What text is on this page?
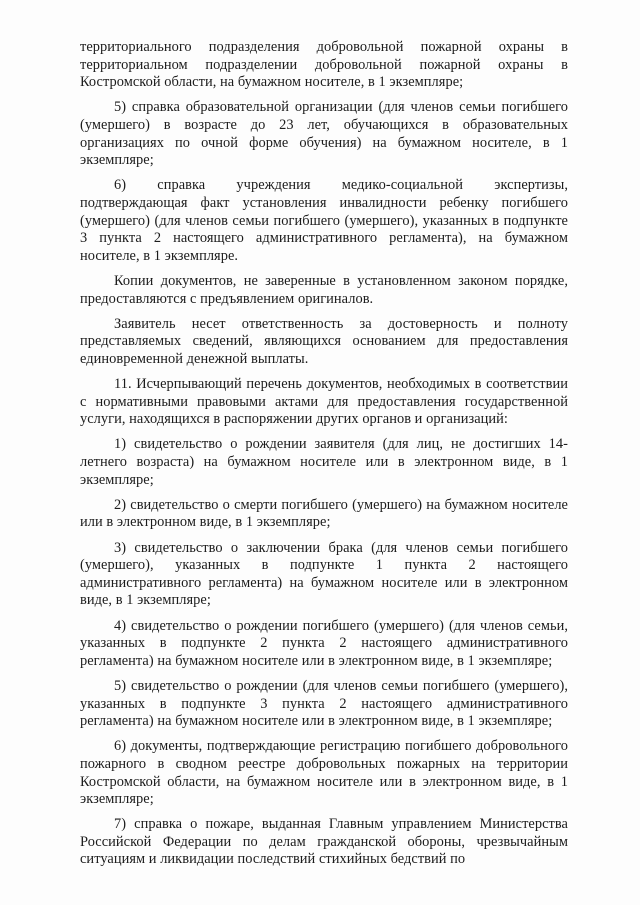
территориального подразделения добровольной пожарной охраны в территориальном подразделении добровольной пожарной охраны в Костромской области, на бумажном носителе, в 1 экземпляре;

5) справка образовательной организации (для членов семьи погибшего (умершего) в возрасте до 23 лет, обучающихся в образовательных организациях по очной форме обучения) на бумажном носителе, в 1 экземпляре;

6) справка учреждения медико-социальной экспертизы, подтверждающая факт установления инвалидности ребенку погибшего (умершего) (для членов семьи погибшего (умершего), указанных в подпункте 3 пункта 2 настоящего административного регламента), на бумажном носителе, в 1 экземпляре.

Копии документов, не заверенные в установленном законом порядке, предоставляются с предъявлением оригиналов.

Заявитель несет ответственность за достоверность и полноту представляемых сведений, являющихся основанием для предоставления единовременной денежной выплаты.

11. Исчерпывающий перечень документов, необходимых в соответствии с нормативными правовыми актами для предоставления государственной услуги, находящихся в распоряжении других органов и организаций:

1) свидетельство о рождении заявителя (для лиц, не достигших 14-летнего возраста) на бумажном носителе или в электронном виде, в 1 экземпляре;

2) свидетельство о смерти погибшего (умершего) на бумажном носителе или в электронном виде, в 1 экземпляре;

3) свидетельство о заключении брака (для членов семьи погибшего (умершего), указанных в подпункте 1 пункта 2 настоящего административного регламента) на бумажном носителе или в электронном виде, в 1 экземпляре;

4) свидетельство о рождении погибшего (умершего) (для членов семьи, указанных в подпункте 2 пункта 2 настоящего административного регламента) на бумажном носителе или в электронном виде, в 1 экземпляре;

5) свидетельство о рождении (для членов семьи погибшего (умершего), указанных в подпункте 3 пункта 2 настоящего административного регламента) на бумажном носителе или в электронном виде, в 1 экземпляре;

6) документы, подтверждающие регистрацию погибшего добровольного пожарного в сводном реестре добровольных пожарных на территории Костромской области, на бумажном носителе или в электронном виде, в 1 экземпляре;

7) справка о пожаре, выданная Главным управлением Министерства Российской Федерации по делам гражданской обороны, чрезвычайным ситуациям и ликвидации последствий стихийных бедствий по
